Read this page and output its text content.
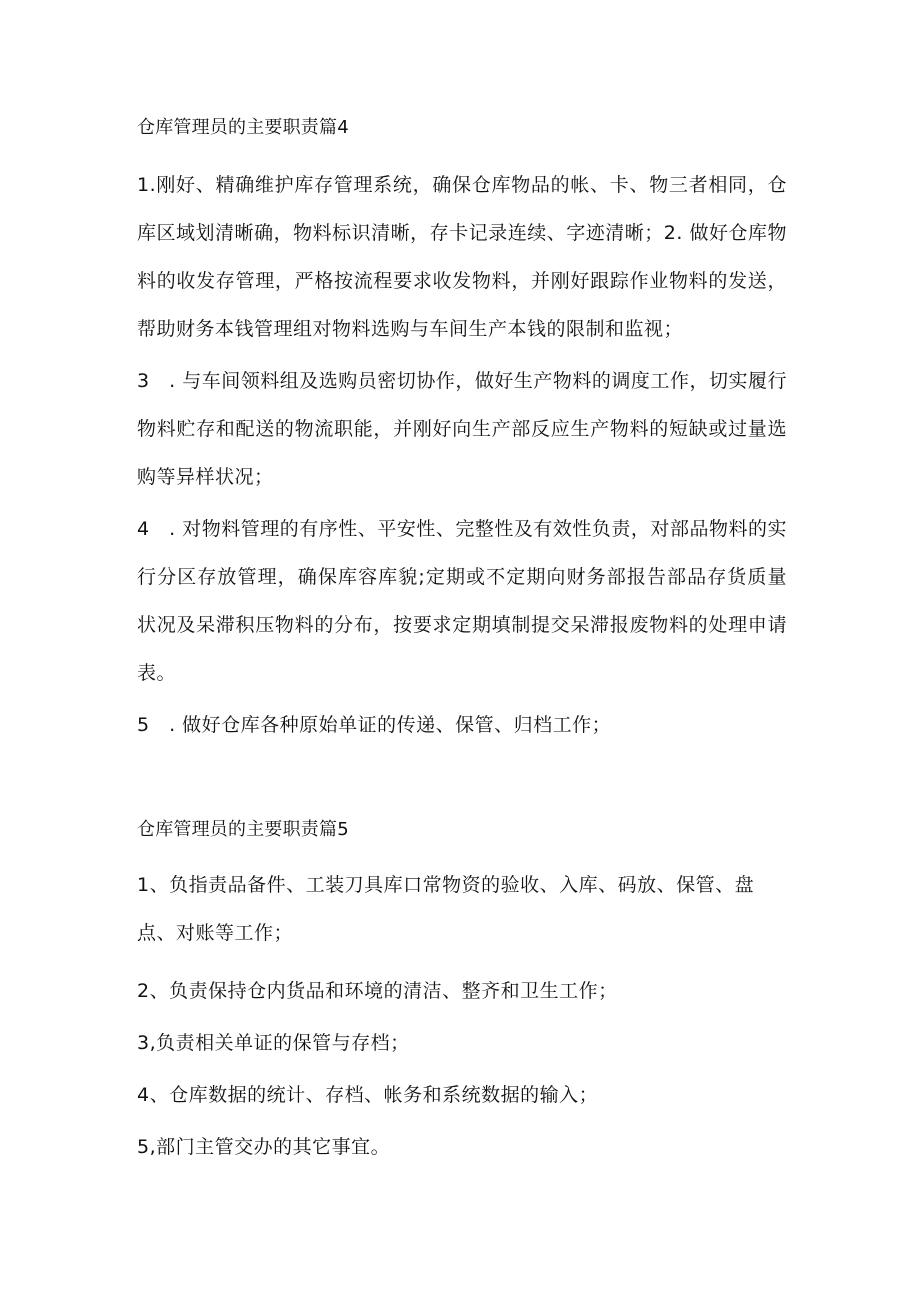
仓库管理员的主要职责篇4

1.刚好、精确维护库存管理系统，确保仓库物品的帐、卡、物三者相同，仓库区域划清晰确，物料标识清晰，存卡记录连续、字迹清晰；2. 做好仓库物料的收发存管理，严格按流程要求收发物料，并刚好跟踪作业物料的发送，帮助财务本钱管理组对物料选购与车间生产本钱的限制和监视；

3　. 与车间领料组及选购员密切协作，做好生产物料的调度工作，切实履行物料贮存和配送的物流职能，并刚好向生产部反应生产物料的短缺或过量选购等异样状况；

4　. 对物料管理的有序性、平安性、完整性及有效性负责，对部品物料的实行分区存放管理，确保库容库貌;定期或不定期向财务部报告部品存货质量状况及呆滞积压物料的分布，按要求定期填制提交呆滞报废物料的处理申请表。

5　. 做好仓库各种原始单证的传递、保管、归档工作；

仓库管理员的主要职责篇5

1、负指责品备件、工装刀具库口常物资的验收、入库、码放、保管、盘点、对账等工作；

2、负责保持仓内货品和环境的清洁、整齐和卫生工作；

3,负责相关单证的保管与存档；

4、仓库数据的统计、存档、帐务和系统数据的输入；

5,部门主管交办的其它事宜。
